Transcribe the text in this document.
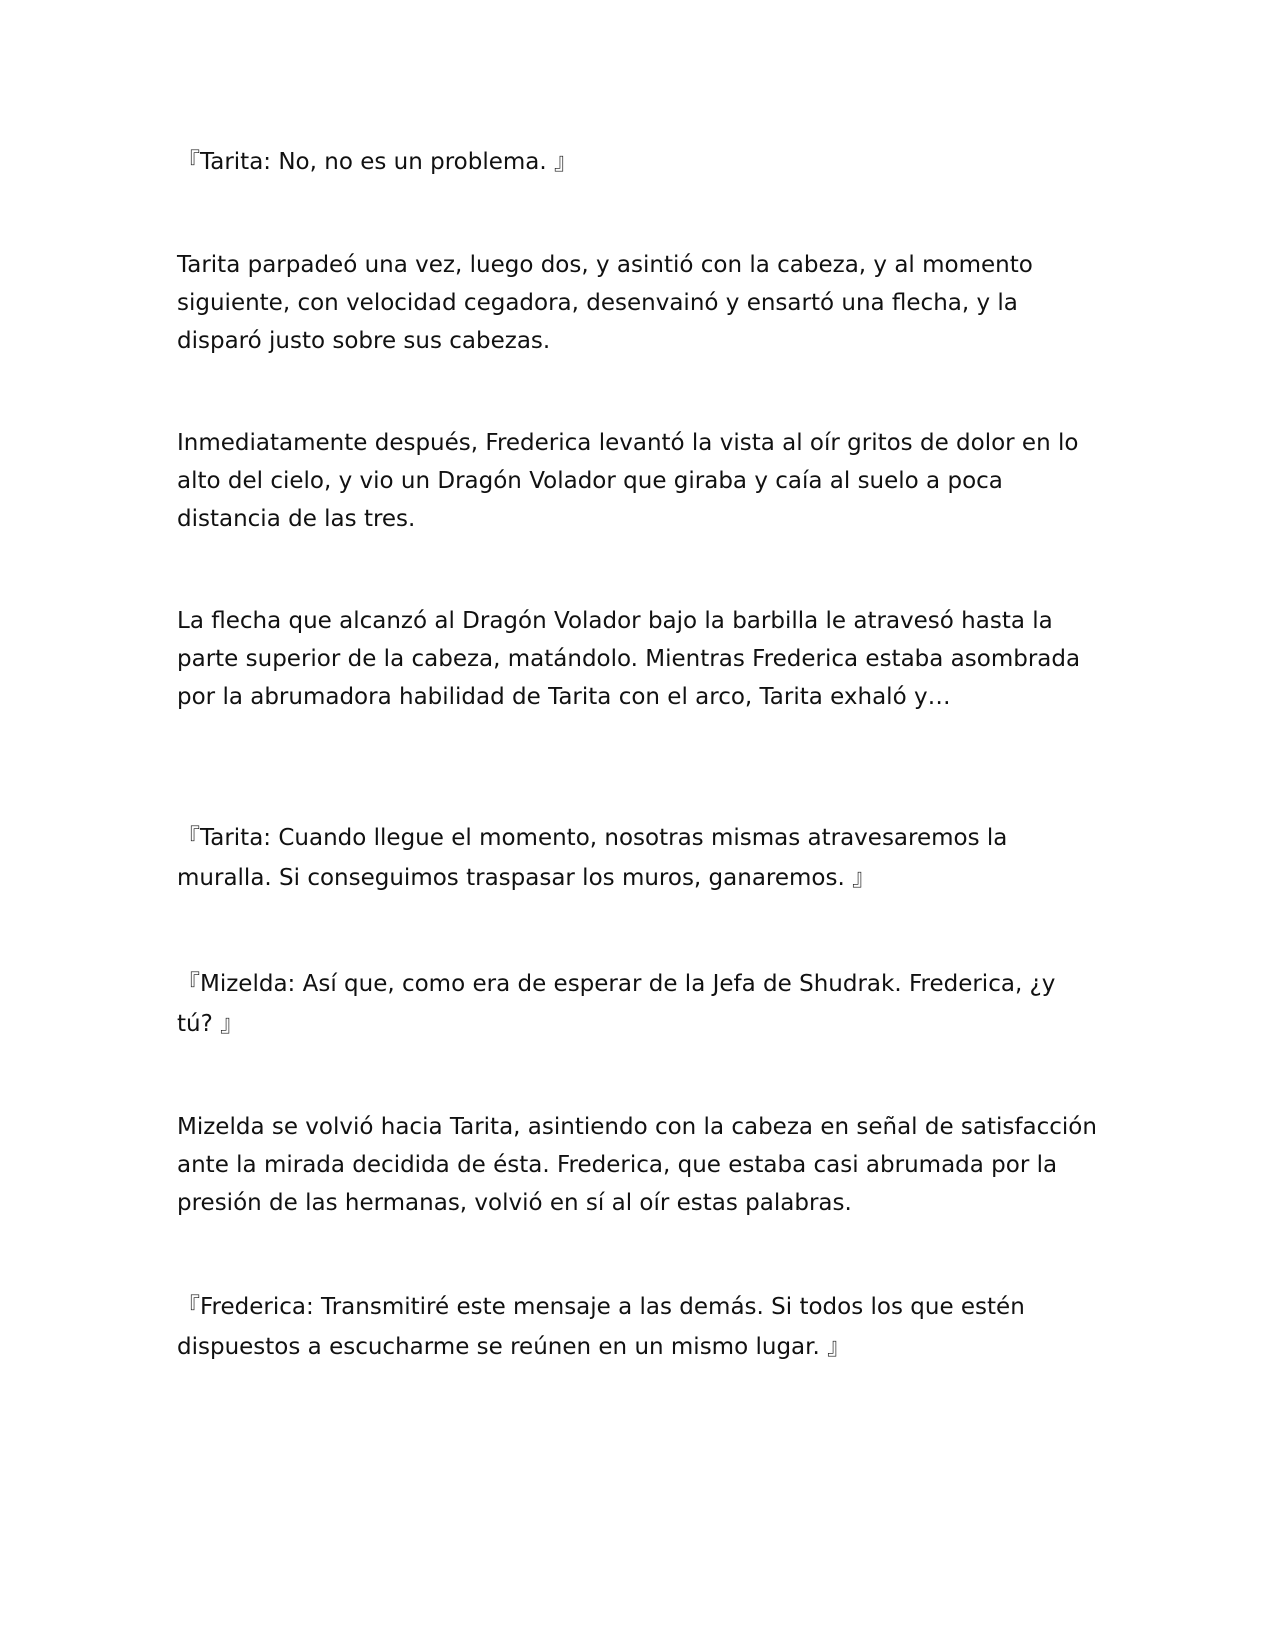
『Tarita: No, no es un problema. 』

Tarita parpadeó una vez, luego dos, y asintió con la cabeza, y al momento siguiente, con velocidad cegadora, desenvainó y ensartó una flecha, y la disparó justo sobre sus cabezas.

Inmediatamente después, Frederica levantó la vista al oír gritos de dolor en lo alto del cielo, y vio un Dragón Volador que giraba y caía al suelo a poca distancia de las tres.

La flecha que alcanzó al Dragón Volador bajo la barbilla le atravesó hasta la parte superior de la cabeza, matándolo. Mientras Frederica estaba asombrada por la abrumadora habilidad de Tarita con el arco, Tarita exhaló y…

『Tarita: Cuando llegue el momento, nosotras mismas atravesaremos la muralla. Si conseguimos traspasar los muros, ganaremos. 』

『Mizelda: Así que, como era de esperar de la Jefa de Shudrak. Frederica, ¿y tú? 』

Mizelda se volvió hacia Tarita, asintiendo con la cabeza en señal de satisfacción ante la mirada decidida de ésta. Frederica, que estaba casi abrumada por la presión de las hermanas, volvió en sí al oír estas palabras.

『Frederica: Transmitiré este mensaje a las demás. Si todos los que estén dispuestos a escucharme se reúnen en un mismo lugar. 』
